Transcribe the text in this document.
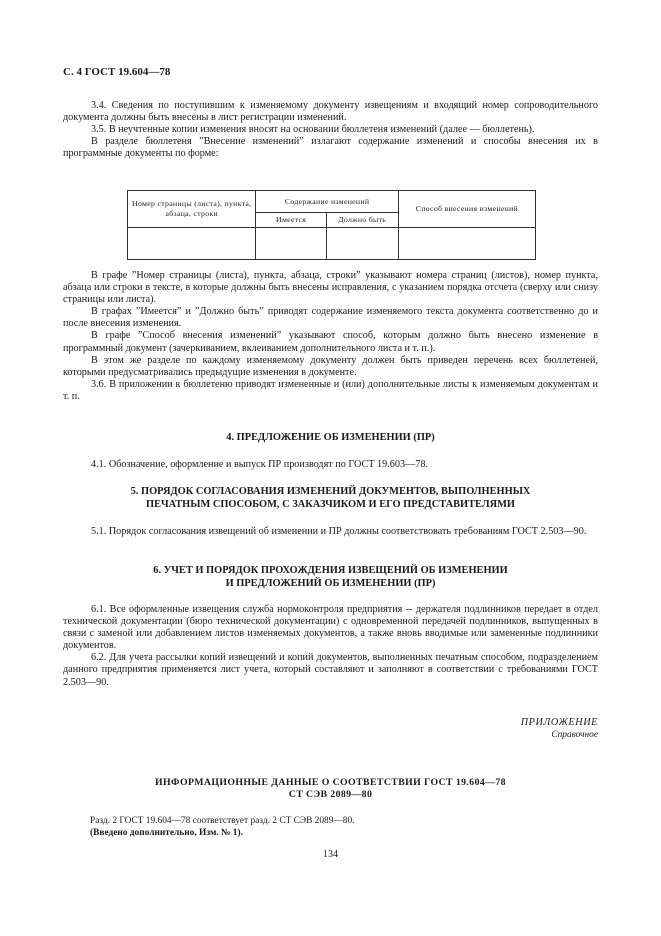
С. 4 ГОСТ 19.604—78

3.4. Сведения по поступившим к изменяемому документу извещениям и входящий номер сопроводительного документа должны быть внесены в лист регистрации изменений.

3.5. В неучтенные копии изменения вносят на основании бюллетеня изменений (далее — бюллетень).

В разделе бюллетеня ”Внесение изменений” излагают содержание изменений и способы внесения их в программные документы по форме:

Номер страницы (листа), пункта, абзаца, строки	Содержание изменений		Способ внесения изменений
	Имеется	Должно быть	

В графе ”Номер страницы (листа), пункта, абзаца, строки” указывают номера страниц (листов), номер пункта, абзаца или строки в тексте, в которые должны быть внесены исправления, с указанием порядка отсчета (сверху или снизу страницы или листа).

В графах ”Имеется” и ”Должно быть” приводят содержание изменяемого текста документа соответственно до и после внесения изменения.

В графе ”Способ внесения изменений” указывают способ, которым должно быть внесено изменение в программный документ (зачеркиванием, вклеиванием дополнительного листа и т. п.).

В этом же разделе по каждому изменяемому документу должен быть приведен перечень всех бюллетеней, которыми предусматривались предыдущие изменения в документе.

3.6. В приложении к бюллетеню приводят измененные и (или) дополнительные листы к изменяемым документам и т. п.

4. ПРЕДЛОЖЕНИЕ ОБ ИЗМЕНЕНИИ (ПР)

4.1. Обозначение, оформление и выпуск ПР производят по ГОСТ 19.603—78.

5. ПОРЯДОК СОГЛАСОВАНИЯ ИЗМЕНЕНИЙ ДОКУМЕНТОВ, ВЫПОЛНЕННЫХ
ПЕЧАТНЫМ СПОСОБОМ, С ЗАКАЗЧИКОМ И ЕГО ПРЕДСТАВИТЕЛЯМИ

5.1. Порядок согласования извещений об изменении и ПР должны соответствовать требованиям ГОСТ 2.503—90.

6. УЧЕТ И ПОРЯДОК ПРОХОЖДЕНИЯ ИЗВЕЩЕНИЙ ОБ ИЗМЕНЕНИИ
И ПРЕДЛОЖЕНИЙ ОБ ИЗМЕНЕНИИ (ПР)

6.1. Все оформленные извещения служба нормоконтроля предприятия -- держателя подлинников передает в отдел технической документации (бюро технической документации) с одновременной передачей подлинников, выпущенных в связи с заменой или добавлением листов изменяемых документов, а также вновь вводимые или замененные подлинники документов.

6.2. Для учета рассылки копий извещений и копий документов, выполненных печатным способом, подразделением данного предприятия применяется лист учета, который составляют и заполняют в соответствии с требованиями ГОСТ 2.503—90.

ПРИЛОЖЕНИЕ
Справочное
ИНФОРМАЦИОННЫЕ ДАННЫЕ О СООТВЕТСТВИИ ГОСТ 19.604—78
СТ СЭВ 2089—80
Разд. 2 ГОСТ 19.604—78 соответствует разд. 2 СТ СЭВ 2089—80.
(Введено дополнительно, Изм. № 1).
134
